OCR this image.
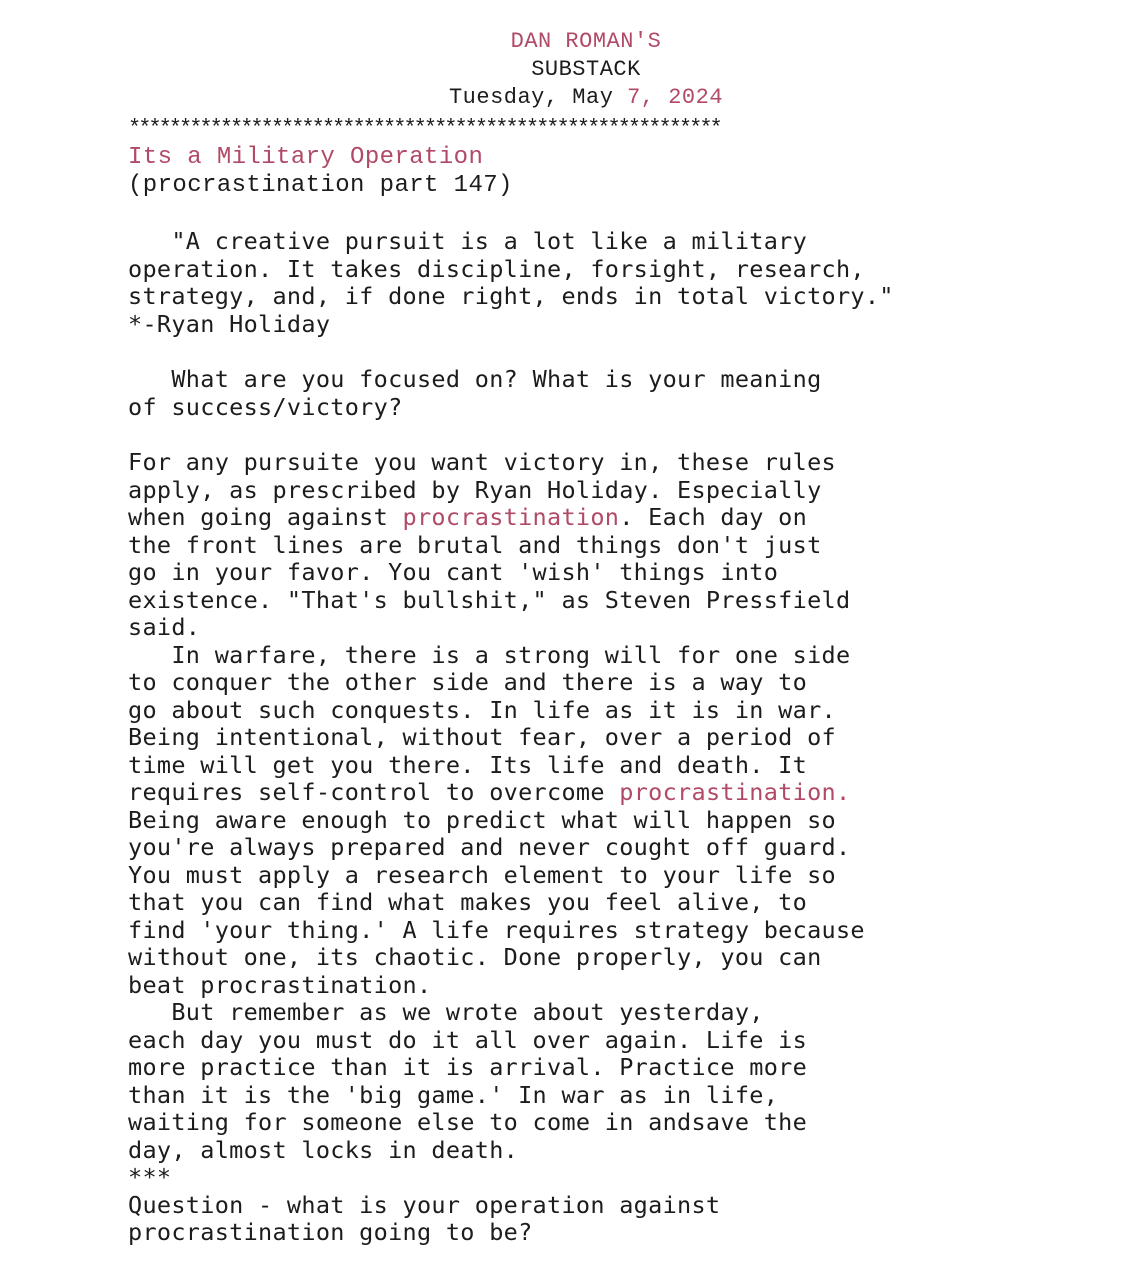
DAN ROMAN'S
SUBSTACK
Tuesday, May 7, 2024
**********************************************************
Its a Military Operation
(procrastination part 147)
"A creative pursuit is a lot like a military
operation. It takes discipline, forsight, research,
strategy, and, if done right, ends in total victory."
*-Ryan Holiday
What are you focused on? What is your meaning
of success/victory?
For any pursuite you want victory in, these rules
apply, as prescribed by Ryan Holiday. Especially
when going against procrastination. Each day on
the front lines are brutal and things don't just
go in your favor. You cant 'wish' things into
existence. "That's bullshit," as Steven Pressfield
said.
In warfare, there is a strong will for one side
to conquer the other side and there is a way to
go about such conquests. In life as it is in war.
Being intentional, without fear, over a period of
time will get you there. Its life and death. It
requires self-control to overcome procrastination.
Being aware enough to predict what will happen so
you're always prepared and never cought off guard.
You must apply a research element to your life so
that you can find what makes you feel alive, to
find 'your thing.' A life requires strategy because
without one, its chaotic. Done properly, you can
beat procrastination.
But remember as we wrote about yesterday,
each day you must do it all over again. Life is
more practice than it is arrival. Practice more
than it is the 'big game.' In war as in life,
waiting for someone else to come in andsave the
day, almost locks in death.
***
Question - what is your operation against
procrastination going to be?
